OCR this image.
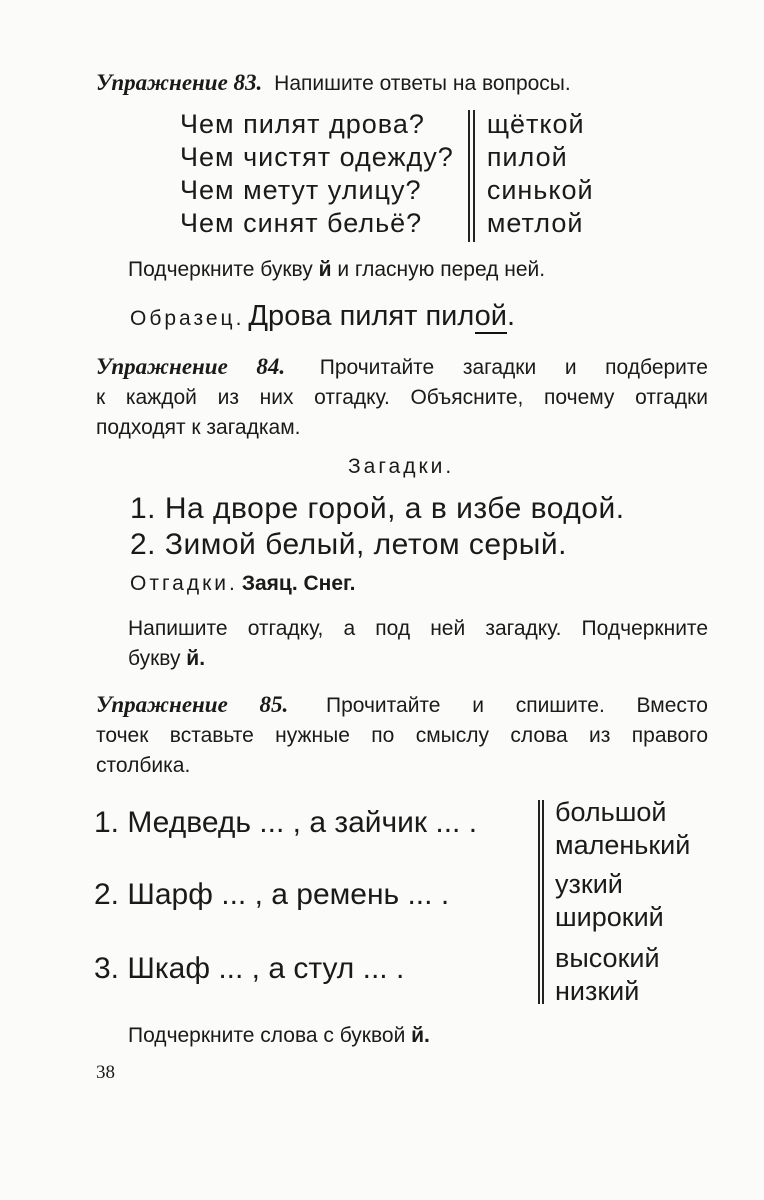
Упражнение 83. Напишите ответы на вопросы.
Чем пилят дрова?
Чем чистят одежду?
Чем метут улицу?
Чем синят бельё?
щёткой
пилой
синькой
метлой
Подчеркните букву й и гласную перед ней.
Образец. Дрова пилят пилой.
Упражнение 84. Прочитайте загадки и подберите
к каждой из них отгадку. Объясните, почему отгадки
подходят к загадкам.
Загадки.
1. На дворе горой, а в избе водой.
2. Зимой белый, летом серый.
Отгадки. Заяц. Снег.
Напишите отгадку, а под ней загадку. Подчеркните
букву й.
Упражнение 85. Прочитайте и спишите. Вместо
точек вставьте нужные по смыслу слова из правого
столбика.
1. Медведь ... , а зайчик ... .
2. Шарф ... , а ремень ... .
3. Шкаф ... , а стул ... .
большой
маленький
узкий
широкий
высокий
низкий
Подчеркните слова с буквой й.
38
